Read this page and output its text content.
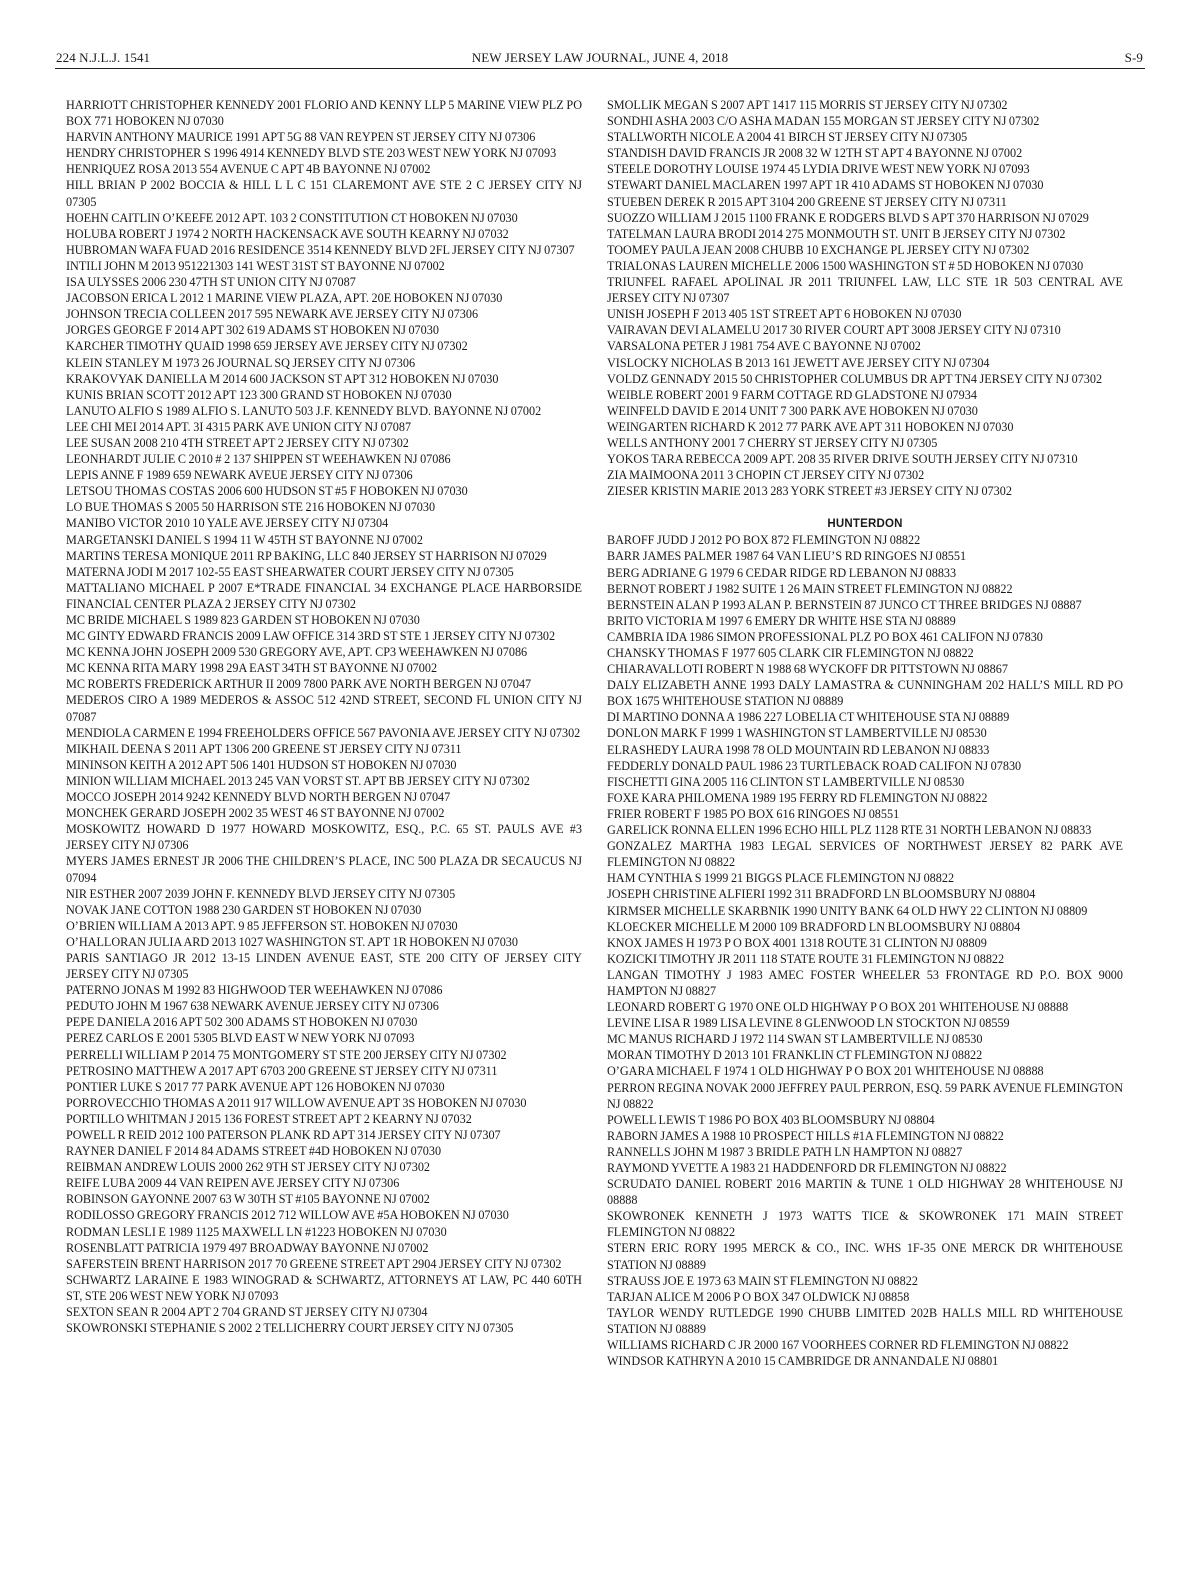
224 N.J.L.J. 1541	NEW JERSEY LAW JOURNAL, JUNE 4, 2018	S-9
HARRIOTT CHRISTOPHER KENNEDY 2001 FLORIO AND KENNY LLP 5 MARINE VIEW PLZ PO BOX 771 HOBOKEN NJ 07030
HARVIN ANTHONY MAURICE 1991 APT 5G 88 VAN REYPEN ST JERSEY CITY NJ 07306
HENDRY CHRISTOPHER S 1996 4914 KENNEDY BLVD STE 203 WEST NEW YORK NJ 07093
HENRIQUEZ ROSA 2013 554 AVENUE C APT 4B BAYONNE NJ 07002
HILL BRIAN P 2002 BOCCIA & HILL L L C 151 CLAREMONT AVE STE 2 C JERSEY CITY NJ 07305
HOEHN CAITLIN O’KEEFE 2012 APT. 103 2 CONSTITUTION CT HOBOKEN NJ 07030
HOLUBA ROBERT J 1974 2 NORTH HACKENSACK AVE SOUTH KEARNY NJ 07032
HUBROMAN WAFA FUAD 2016 RESIDENCE 3514 KENNEDY BLVD 2FL JERSEY CITY NJ 07307
INTILI JOHN M 2013 951221303 141 WEST 31ST ST BAYONNE NJ 07002
ISA ULYSSES 2006 230 47TH ST UNION CITY NJ 07087
JACOBSON ERICA L 2012 1 MARINE VIEW PLAZA, APT. 20E HOBOKEN NJ 07030
JOHNSON TRECIA COLLEEN 2017 595 NEWARK AVE JERSEY CITY NJ 07306
JORGES GEORGE F 2014 APT 302 619 ADAMS ST HOBOKEN NJ 07030
KARCHER TIMOTHY QUAID 1998 659 JERSEY AVE JERSEY CITY NJ 07302
KLEIN STANLEY M 1973 26 JOURNAL SQ JERSEY CITY NJ 07306
KRAKOVYAK DANIELLA M 2014 600 JACKSON ST APT 312 HOBOKEN NJ 07030
KUNIS BRIAN SCOTT 2012 APT 123 300 GRAND ST HOBOKEN NJ 07030
LANUTO ALFIO S 1989 ALFIO S. LANUTO 503 J.F. KENNEDY BLVD. BAYONNE NJ 07002
LEE CHI MEI 2014 APT. 3I 4315 PARK AVE UNION CITY NJ 07087
LEE SUSAN 2008 210 4TH STREET APT 2 JERSEY CITY NJ 07302
LEONHARDT JULIE C 2010 # 2 137 SHIPPEN ST WEEHAWKEN NJ 07086
LEPIS ANNE F 1989 659 NEWARK AVEUE JERSEY CITY NJ 07306
LETSOU THOMAS COSTAS 2006 600 HUDSON ST #5 F HOBOKEN NJ 07030
LO BUE THOMAS S 2005 50 HARRISON STE 216 HOBOKEN NJ 07030
MANIBO VICTOR 2010 10 YALE AVE JERSEY CITY NJ 07304
MARGETANSKI DANIEL S 1994 11 W 45TH ST BAYONNE NJ 07002
MARTINS TERESA MONIQUE 2011 RP BAKING, LLC 840 JERSEY ST HARRISON NJ 07029
MATERNA JODI M 2017 102-55 EAST SHEARWATER COURT JERSEY CITY NJ 07305
MATTALIANO MICHAEL P 2007 E*TRADE FINANCIAL 34 EXCHANGE PLACE HARBORSIDE FINANCIAL CENTER PLAZA 2 JERSEY CITY NJ 07302
MC BRIDE MICHAEL S 1989 823 GARDEN ST HOBOKEN NJ 07030
MC GINTY EDWARD FRANCIS 2009 LAW OFFICE 314 3RD ST STE 1 JERSEY CITY NJ 07302
MC KENNA JOHN JOSEPH 2009 530 GREGORY AVE, APT. CP3 WEEHAWKEN NJ 07086
MC KENNA RITA MARY 1998 29A EAST 34TH ST BAYONNE NJ 07002
MC ROBERTS FREDERICK ARTHUR II 2009 7800 PARK AVE NORTH BERGEN NJ 07047
MEDEROS CIRO A 1989 MEDEROS & ASSOC 512 42ND STREET, SECOND FL UNION CITY NJ 07087
MENDIOLA CARMEN E 1994 FREEHOLDERS OFFICE 567 PAVONIA AVE JERSEY CITY NJ 07302
MIKHAIL DEENA S 2011 APT 1306 200 GREENE ST JERSEY CITY NJ 07311
MININSON KEITH A 2012 APT 506 1401 HUDSON ST HOBOKEN NJ 07030
MINION WILLIAM MICHAEL 2013 245 VAN VORST ST. APT BB JERSEY CITY NJ 07302
MOCCO JOSEPH 2014 9242 KENNEDY BLVD NORTH BERGEN NJ 07047
MONCHEK GERARD JOSEPH 2002 35 WEST 46 ST BAYONNE NJ 07002
MOSKOWITZ HOWARD D 1977 HOWARD MOSKOWITZ, ESQ., P.C. 65 ST. PAULS AVE #3 JERSEY CITY NJ 07306
MYERS JAMES ERNEST JR 2006 THE CHILDREN’S PLACE, INC 500 PLAZA DR SECAUCUS NJ 07094
NIR ESTHER 2007 2039 JOHN F. KENNEDY BLVD JERSEY CITY NJ 07305
NOVAK JANE COTTON 1988 230 GARDEN ST HOBOKEN NJ 07030
O’BRIEN WILLIAM A 2013 APT. 9 85 JEFFERSON ST. HOBOKEN NJ 07030
O’HALLORAN JULIA ARD 2013 1027 WASHINGTON ST. APT 1R HOBOKEN NJ 07030
PARIS SANTIAGO JR 2012 13-15 LINDEN AVENUE EAST, STE 200 CITY OF JERSEY CITY JERSEY CITY NJ 07305
PATERNO JONAS M 1992 83 HIGHWOOD TER WEEHAWKEN NJ 07086
PEDUTO JOHN M 1967 638 NEWARK AVENUE JERSEY CITY NJ 07306
PEPE DANIELA 2016 APT 502 300 ADAMS ST HOBOKEN NJ 07030
PEREZ CARLOS E 2001 5305 BLVD EAST W NEW YORK NJ 07093
PERRELLI WILLIAM P 2014 75 MONTGOMERY ST STE 200 JERSEY CITY NJ 07302
PETROSINO MATTHEW A 2017 APT 6703 200 GREENE ST JERSEY CITY NJ 07311
PONTIER LUKE S 2017 77 PARK AVENUE APT 126 HOBOKEN NJ 07030
PORROVECCHIO THOMAS A 2011 917 WILLOW AVENUE APT 3S HOBOKEN NJ 07030
PORTILLO WHITMAN J 2015 136 FOREST STREET APT 2 KEARNY NJ 07032
POWELL R REID 2012 100 PATERSON PLANK RD APT 314 JERSEY CITY NJ 07307
RAYNER DANIEL F 2014 84 ADAMS STREET #4D HOBOKEN NJ 07030
REIBMAN ANDREW LOUIS 2000 262 9TH ST JERSEY CITY NJ 07302
REIFE LUBA 2009 44 VAN REIPEN AVE JERSEY CITY NJ 07306
ROBINSON GAYONNE 2007 63 W 30TH ST #105 BAYONNE NJ 07002
RODILOSSO GREGORY FRANCIS 2012 712 WILLOW AVE #5A HOBOKEN NJ 07030
RODMAN LESLI E 1989 1125 MAXWELL LN #1223 HOBOKEN NJ 07030
ROSENBLATT PATRICIA 1979 497 BROADWAY BAYONNE NJ 07002
SAFERSTEIN BRENT HARRISON 2017 70 GREENE STREET APT 2904 JERSEY CITY NJ 07302
SCHWARTZ LARAINE E 1983 WINOGRAD & SCHWARTZ, ATTORNEYS AT LAW, PC 440 60TH ST, STE 206 WEST NEW YORK NJ 07093
SEXTON SEAN R 2004 APT 2 704 GRAND ST JERSEY CITY NJ 07304
SKOWRONSKI STEPHANIE S 2002 2 TELLICHERRY COURT JERSEY CITY NJ 07305
SMOLLIK MEGAN S 2007 APT 1417 115 MORRIS ST JERSEY CITY NJ 07302
SONDHI ASHA 2003 C/O ASHA MADAN 155 MORGAN ST JERSEY CITY NJ 07302
STALLWORTH NICOLE A 2004 41 BIRCH ST JERSEY CITY NJ 07305
STANDISH DAVID FRANCIS JR 2008 32 W 12TH ST APT 4 BAYONNE NJ 07002
STEELE DOROTHY LOUISE 1974 45 LYDIA DRIVE WEST NEW YORK NJ 07093
STEWART DANIEL MACLAREN 1997 APT 1R 410 ADAMS ST HOBOKEN NJ 07030
STUEBEN DEREK R 2015 APT 3104 200 GREENE ST JERSEY CITY NJ 07311
SUOZZO WILLIAM J 2015 1100 FRANK E RODGERS BLVD S APT 370 HARRISON NJ 07029
TATELMAN LAURA BRODI 2014 275 MONMOUTH ST. UNIT B JERSEY CITY NJ 07302
TOOMEY PAULA JEAN 2008 CHUBB 10 EXCHANGE PL JERSEY CITY NJ 07302
TRIALONAS LAUREN MICHELLE 2006 1500 WASHINGTON ST # 5D HOBOKEN NJ 07030
TRIUNFEL RAFAEL APOLINAL JR 2011 TRIUNFEL LAW, LLC STE 1R 503 CENTRAL AVE JERSEY CITY NJ 07307
UNISH JOSEPH F 2013 405 1ST STREET APT 6 HOBOKEN NJ 07030
VAIRAVAN DEVI ALAMELU 2017 30 RIVER COURT APT 3008 JERSEY CITY NJ 07310
VARSALONA PETER J 1981 754 AVE C BAYONNE NJ 07002
VISLOCKY NICHOLAS B 2013 161 JEWETT AVE JERSEY CITY NJ 07304
VOLDZ GENNADY 2015 50 CHRISTOPHER COLUMBUS DR APT TN4 JERSEY CITY NJ 07302
WEIBLE ROBERT 2001 9 FARM COTTAGE RD GLADSTONE NJ 07934
WEINFELD DAVID E 2014 UNIT 7 300 PARK AVE HOBOKEN NJ 07030
WEINGARTEN RICHARD K 2012 77 PARK AVE APT 311 HOBOKEN NJ 07030
WELLS ANTHONY 2001 7 CHERRY ST JERSEY CITY NJ 07305
YOKOS TARA REBECCA 2009 APT. 208 35 RIVER DRIVE SOUTH JERSEY CITY NJ 07310
ZIA MAIMOONA 2011 3 CHOPIN CT JERSEY CITY NJ 07302
ZIESER KRISTIN MARIE 2013 283 YORK STREET #3 JERSEY CITY NJ 07302
HUNTERDON
BAROFF JUDD J 2012 PO BOX 872 FLEMINGTON NJ 08822
BARR JAMES PALMER 1987 64 VAN LIEU’S RD RINGOES NJ 08551
BERG ADRIANE G 1979 6 CEDAR RIDGE RD LEBANON NJ 08833
BERNOT ROBERT J 1982 SUITE 1 26 MAIN STREET FLEMINGTON NJ 08822
BERNSTEIN ALAN P 1993 ALAN P. BERNSTEIN 87 JUNCO CT THREE BRIDGES NJ 08887
BRITO VICTORIA M 1997 6 EMERY DR WHITE HSE STA NJ 08889
CAMBRIA IDA 1986 SIMON PROFESSIONAL PLZ PO BOX 461 CALIFON NJ 07830
CHANSKY THOMAS F 1977 605 CLARK CIR FLEMINGTON NJ 08822
CHIARAVALLOTI ROBERT N 1988 68 WYCKOFF DR PITTSTOWN NJ 08867
DALY ELIZABETH ANNE 1993 DALY LAMASTRA & CUNNINGHAM 202 HALL’S MILL RD PO BOX 1675 WHITEHOUSE STATION NJ 08889
DI MARTINO DONNA A 1986 227 LOBELIA CT WHITEHOUSE STA NJ 08889
DONLON MARK F 1999 1 WASHINGTON ST LAMBERTVILLE NJ 08530
ELRASHEDY LAURA 1998 78 OLD MOUNTAIN RD LEBANON NJ 08833
FEDDERLY DONALD PAUL 1986 23 TURTLEBACK ROAD CALIFON NJ 07830
FISCHETTI GINA 2005 116 CLINTON ST LAMBERTVILLE NJ 08530
FOXE KARA PHILOMENA 1989 195 FERRY RD FLEMINGTON NJ 08822
FRIER ROBERT F 1985 PO BOX 616 RINGOES NJ 08551
GARELICK RONNA ELLEN 1996 ECHO HILL PLZ 1128 RTE 31 NORTH LEBANON NJ 08833
GONZALEZ MARTHA 1983 LEGAL SERVICES OF NORTHWEST JERSEY 82 PARK AVE FLEMINGTON NJ 08822
HAM CYNTHIA S 1999 21 BIGGS PLACE FLEMINGTON NJ 08822
JOSEPH CHRISTINE ALFIERI 1992 311 BRADFORD LN BLOOMSBURY NJ 08804
KIRMSER MICHELLE SKARBNIK 1990 UNITY BANK 64 OLD HWY 22 CLINTON NJ 08809
KLOECKER MICHELLE M 2000 109 BRADFORD LN BLOOMSBURY NJ 08804
KNOX JAMES H 1973 P O BOX 4001 1318 ROUTE 31 CLINTON NJ 08809
KOZICKI TIMOTHY JR 2011 118 STATE ROUTE 31 FLEMINGTON NJ 08822
LANGAN TIMOTHY J 1983 AMEC FOSTER WHEELER 53 FRONTAGE RD P.O. BOX 9000 HAMPTON NJ 08827
LEONARD ROBERT G 1970 ONE OLD HIGHWAY P O BOX 201 WHITEHOUSE NJ 08888
LEVINE LISA R 1989 LISA LEVINE 8 GLENWOOD LN STOCKTON NJ 08559
MC MANUS RICHARD J 1972 114 SWAN ST LAMBERTVILLE NJ 08530
MORAN TIMOTHY D 2013 101 FRANKLIN CT FLEMINGTON NJ 08822
O’GARA MICHAEL F 1974 1 OLD HIGHWAY P O BOX 201 WHITEHOUSE NJ 08888
PERRON REGINA NOVAK 2000 JEFFREY PAUL PERRON, ESQ. 59 PARK AVENUE FLEMINGTON NJ 08822
POWELL LEWIS T 1986 PO BOX 403 BLOOMSBURY NJ 08804
RABORN JAMES A 1988 10 PROSPECT HILLS #1A FLEMINGTON NJ 08822
RANNELLS JOHN M 1987 3 BRIDLE PATH LN HAMPTON NJ 08827
RAYMOND YVETTE A 1983 21 HADDENFORD DR FLEMINGTON NJ 08822
SCRUDATO DANIEL ROBERT 2016 MARTIN & TUNE 1 OLD HIGHWAY 28 WHITEHOUSE NJ 08888
SKOWRONEK KENNETH J 1973 WATTS TICE & SKOWRONEK 171 MAIN STREET FLEMINGTON NJ 08822
STERN ERIC RORY 1995 MERCK & CO., INC. WHS 1F-35 ONE MERCK DR WHITEHOUSE STATION NJ 08889
STRAUSS JOE E 1973 63 MAIN ST FLEMINGTON NJ 08822
TARJAN ALICE M 2006 P O BOX 347 OLDWICK NJ 08858
TAYLOR WENDY RUTLEDGE 1990 CHUBB LIMITED 202B HALLS MILL RD WHITEHOUSE STATION NJ 08889
WILLIAMS RICHARD C JR 2000 167 VOORHEES CORNER RD FLEMINGTON NJ 08822
WINDSOR KATHRYN A 2010 15 CAMBRIDGE DR ANNANDALE NJ 08801
